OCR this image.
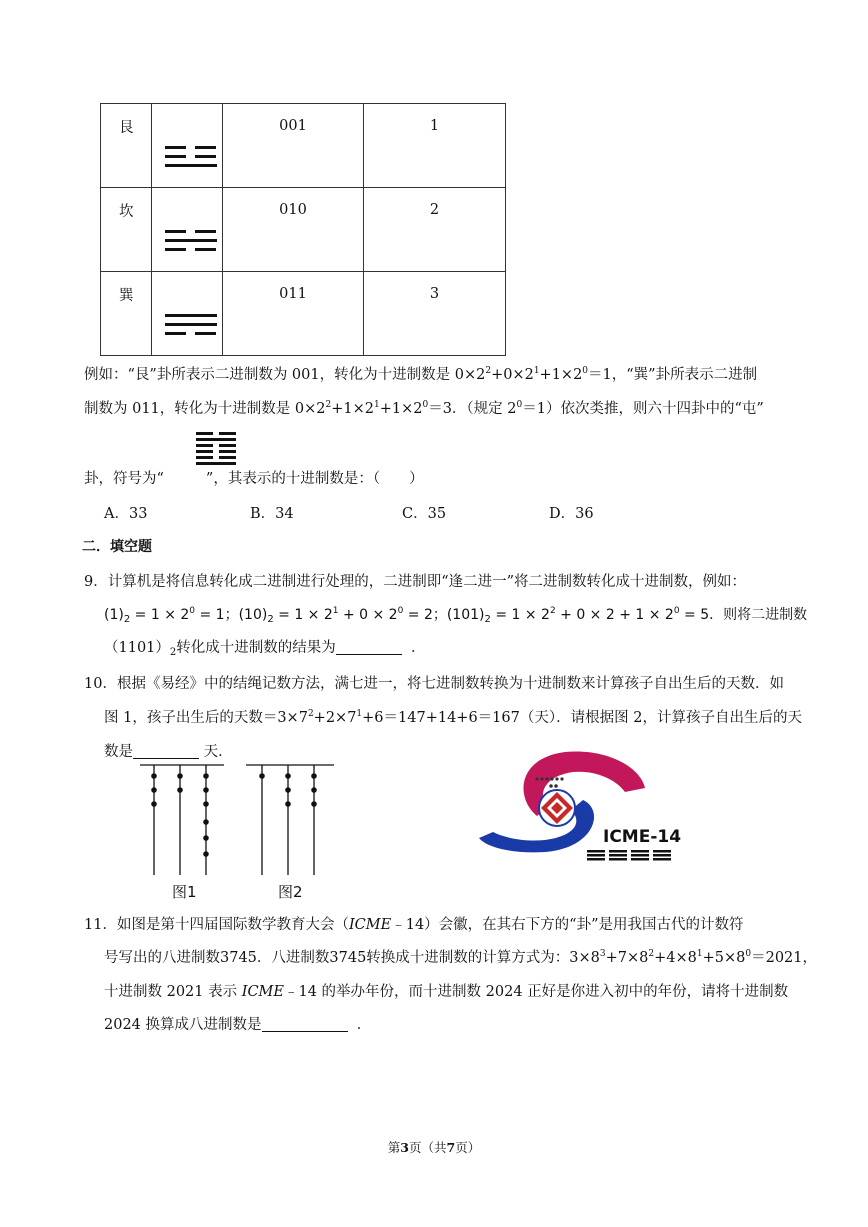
艮		001	1

坎		010	2

巽		011	3
例如：“艮”卦所表示二进制数为 001，转化为十进制数是 $0\times 2^2+0\times 2^1+1\times 2^0=1$，“巽”卦所表示二进制
制数为 011，转化为十进制数是 $0\times 2^2+1\times 2^1+1\times 2^0=3$．（规定 $2^0=1$）依次类推，则六十四卦中的“屯”
卦，符号为“	”，其表示的十进制数是：（　　）
A．33	B．34	C．35	D．36
二．填空题
9．计算机是将信息转化成二进制进行处理的，二进制即“逢二进一”将二进制数转化成十进制数，例如：
$(1)_2 = 1 \times 2^0 = 1$；$(10)_2 = 1 \times 2^1 + 0 \times 2^0 = 2$；$(101)_2 = 1 \times 2^2 + 0 \times 2 + 1 \times 2^0 = 5$．则将二进制数
$(1101)_2$转化成十进制数的结果为	．
10．根据《易经》中的结绳记数方法，满七进一，将七进制数转换为十进制数来计算孩子自出生后的天数．如
图 1，孩子出生后的天数$=3\times 7^2+2\times 7^1+6=147+14+6=167$（天）．请根据图 2，计算孩子自出生后的天
数是	天．
图1	图2
ICME-14
11．如图是第十四届国际数学教育大会（ICME﹣14）会徽，在其右下方的“卦”是用我国古代的计数符
号写出的八进制数3745．八进制数3745转换成十进制数的计算方式为：$3\times 8^3+7\times 8^2+4\times 8^1+5\times 8^0=2021$，
十进制数 2021 表示 ICME﹣14 的举办年份，而十进制数 2024 正好是你进入初中的年份，请将十进制数
2024 换算成八进制数是	．
第3页（共7页）
